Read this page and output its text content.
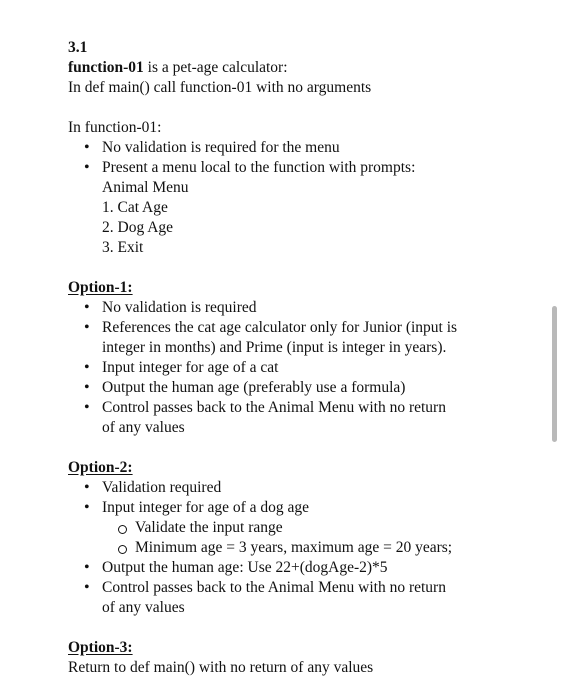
3.1
function-01 is a pet-age calculator:
In def main() call function-01 with no arguments
In function-01:
• No validation is required for the menu
• Present a menu local to the function with prompts:
Animal Menu
1. Cat Age
2. Dog Age
3. Exit
Option-1:
• No validation is required
• References the cat age calculator only for Junior (input is
integer in months) and Prime (input is integer in years).
• Input integer for age of a cat
• Output the human age (preferably use a formula)
• Control passes back to the Animal Menu with no return
of any values
Option-2:
• Validation required
• Input integer for age of a dog age
Validate the input range
Minimum age = 3 years, maximum age = 20 years;
• Output the human age: Use 22+(dogAge-2)*5
• Control passes back to the Animal Menu with no return
of any values
Option-3:
Return to def main() with no return of any values
